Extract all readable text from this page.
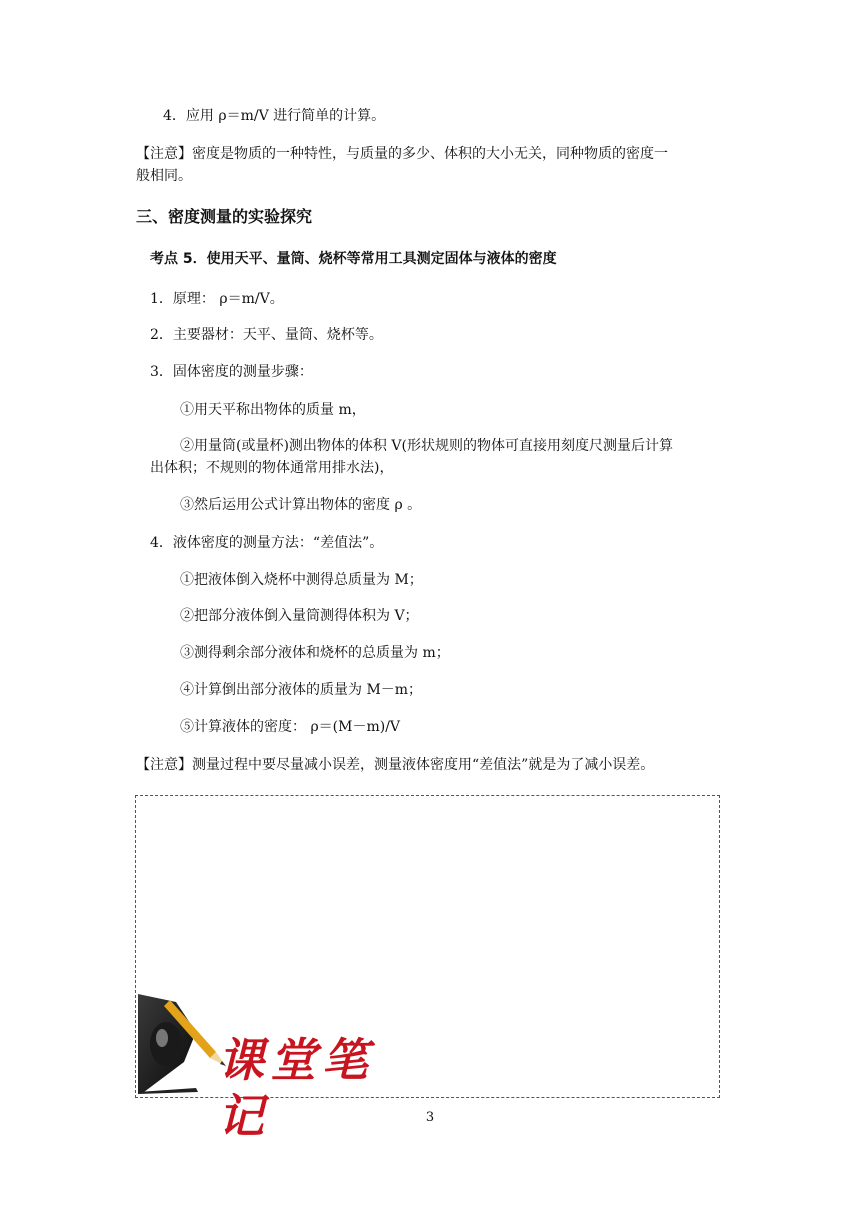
4．应用 ρ＝m/V 进行简单的计算。
【注意】密度是物质的一种特性，与质量的多少、体积的大小无关，同种物质的密度一
般相同。
三、密度测量的实验探究
考点 5．使用天平、量筒、烧杯等常用工具测定固体与液体的密度
1．原理： ρ＝m/V。
2．主要器材：天平、量筒、烧杯等。
3．固体密度的测量步骤：
①用天平称出物体的质量 m，
②用量筒(或量杯)测出物体的体积 V(形状规则的物体可直接用刻度尺测量后计算
出体积；不规则的物体通常用排水法)，
③然后运用公式计算出物体的密度 ρ 。
4．液体密度的测量方法：“差值法”。
①把液体倒入烧杯中测得总质量为 M；
②把部分液体倒入量筒测得体积为 V；
③测得剩余部分液体和烧杯的总质量为 m；
④计算倒出部分液体的质量为 M－m；
⑤计算液体的密度： ρ＝(M－m)/V
【注意】测量过程中要尽量减小误差，测量液体密度用“差值法”就是为了减小误差。
课堂笔记	3
